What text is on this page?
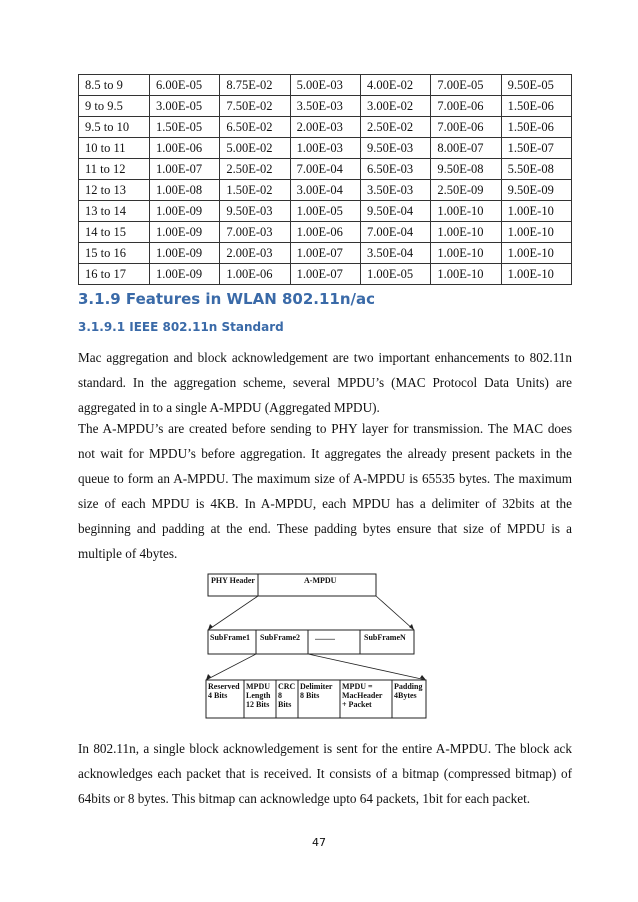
8.5 to 9	6.00E-05	8.75E-02	5.00E-03	4.00E-02	7.00E-05	9.50E-05
9 to 9.5	3.00E-05	7.50E-02	3.50E-03	3.00E-02	7.00E-06	1.50E-06
9.5 to 10	1.50E-05	6.50E-02	2.00E-03	2.50E-02	7.00E-06	1.50E-06
10 to 11	1.00E-06	5.00E-02	1.00E-03	9.50E-03	8.00E-07	1.50E-07
11 to 12	1.00E-07	2.50E-02	7.00E-04	6.50E-03	9.50E-08	5.50E-08
12 to 13	1.00E-08	1.50E-02	3.00E-04	3.50E-03	2.50E-09	9.50E-09
13 to 14	1.00E-09	9.50E-03	1.00E-05	9.50E-04	1.00E-10	1.00E-10
14 to 15	1.00E-09	7.00E-03	1.00E-06	7.00E-04	1.00E-10	1.00E-10
15 to 16	1.00E-09	2.00E-03	1.00E-07	3.50E-04	1.00E-10	1.00E-10
16 to 17	1.00E-09	1.00E-06	1.00E-07	1.00E-05	1.00E-10	1.00E-10
3.1.9 Features in WLAN 802.11n/ac
3.1.9.1 IEEE 802.11n Standard

Mac aggregation and block acknowledgement are two important enhancements to 802.11n standard. In the aggregation scheme, several MPDU’s (MAC Protocol Data Units) are aggregated in to a single A-MPDU (Aggregated MPDU).

The A-MPDU’s are created before sending to PHY layer for transmission. The MAC does not wait for MPDU’s before aggregation. It aggregates the already present packets in the queue to form an A-MPDU. The maximum size of A-MPDU is 65535 bytes. The maximum size of each MPDU is 4KB. In A-MPDU, each MPDU has a delimiter of 32bits at the beginning and padding at the end. These padding bytes ensure that size of MPDU is a multiple of 4bytes.

PHY Header	A-MPDU
SubFrame1 SubFrame2 ..........	SubFrameN
Reserved
4 Bits
MPDU
Length
12 Bits
CRC
8
Bits
Delimiter
8 Bits
MPDU =
MacHeader
+ Packet
Padding
4Bytes

In 802.11n, a single block acknowledgement is sent for the entire A-MPDU. The block ack acknowledges each packet that is received. It consists of a bitmap (compressed bitmap) of 64bits or 8 bytes. This bitmap can acknowledge upto 64 packets, 1bit for each packet.

47
